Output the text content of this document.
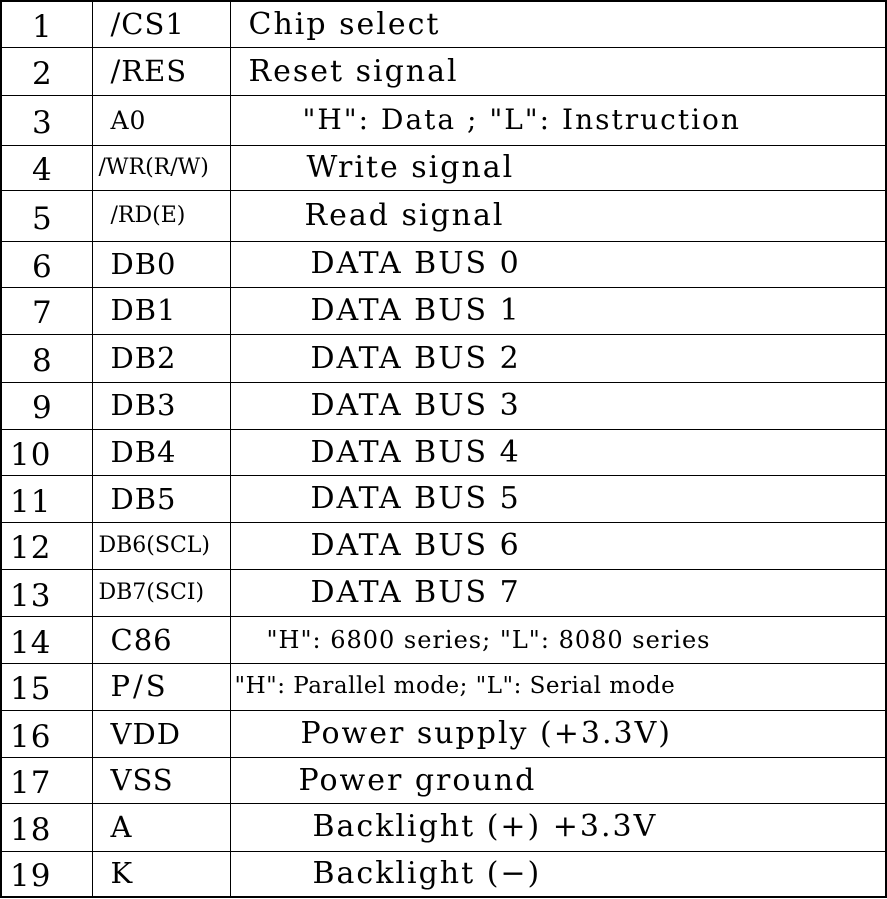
1	/CS1	Chip select
2	/RES	Reset signal
3	A0	"H": Data ; "L": Instruction
4	/WR(R/W)	Write signal
5	/RD(E)	Read signal
6	DB0	DATA BUS 0
7	DB1	DATA BUS 1
8	DB2	DATA BUS 2
9	DB3	DATA BUS 3
10	DB4	DATA BUS 4
11	DB5	DATA BUS 5
12	DB6(SCL)	DATA BUS 6
13	DB7(SCI)	DATA BUS 7
14	C86	"H": 6800 series; "L": 8080 series
15	P/S	"H": Parallel mode; "L": Serial mode
16	VDD	Power supply (+3.3V)
17	VSS	Power ground
18	A	Backlight (+) +3.3V
19	K	Backlight (−)
